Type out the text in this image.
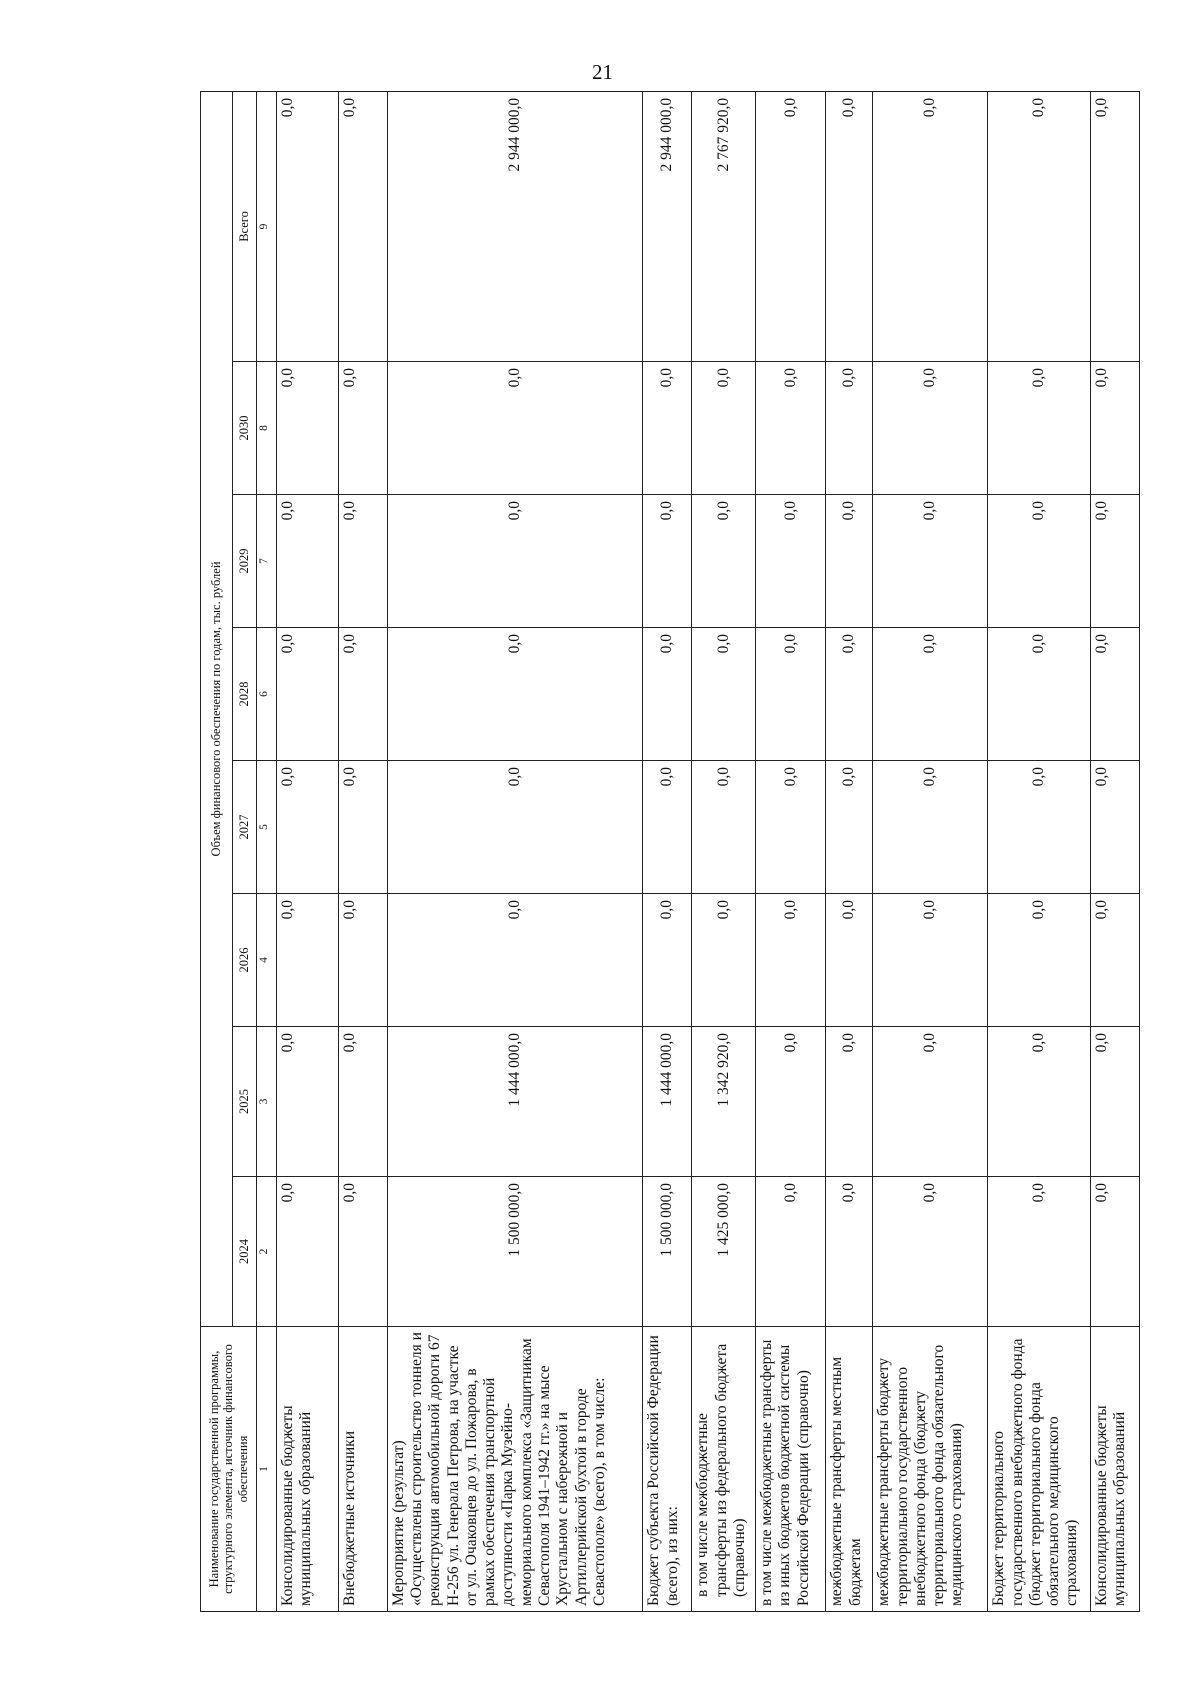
21
Наименование государственной программы, структурного элемента, источник финансового обеспечения	Объем финансового обеспечения по годам, тыс. рублей							
	2024	2025	2026	2027	2028	2029	2030	Всего
1	2	3	4	5	6	7	8	9
Консолидированные бюджеты муниципальных образований	0,0	0,0	0,0	0,0	0,0	0,0	0,0	0,0
Внебюджетные источники	0,0	0,0	0,0	0,0	0,0	0,0	0,0	0,0
Мероприятие (результат) «Осуществлены строительство тоннеля и реконструкция автомобильной дороги 67 Н-256 ул. Генерала Петрова, на участке от ул. Очаковцев до ул. Пожарова, в рамках обеспечения транспортной доступности «Парка Музейно-мемориального комплекса «Защитникам Севастополя 1941–1942 гг.» на мысе Хрустальном с набережной и Артиллерийской бухтой в городе Севастополе» (всего), в том числе:	1 500 000,0	1 444 000,0	0,0	0,0	0,0	0,0	0,0	2 944 000,0
Бюджет субъекта Российской Федерации (всего), из них:	1 500 000,0	1 444 000,0	0,0	0,0	0,0	0,0	0,0	2 944 000,0
в том числе межбюджетные трансферты из федерального бюджета (справочно)	1 425 000,0	1 342 920,0	0,0	0,0	0,0	0,0	0,0	2 767 920,0
в том числе межбюджетные трансферты из иных бюджетов бюджетной системы Российской Федерации (справочно)	0,0	0,0	0,0	0,0	0,0	0,0	0,0	0,0
межбюджетные трансферты местным бюджетам	0,0	0,0	0,0	0,0	0,0	0,0	0,0	0,0
межбюджетные трансферты бюджету территориального государственного внебюджетного фонда (бюджету территориального фонда обязательного медицинского страхования)	0,0	0,0	0,0	0,0	0,0	0,0	0,0	0,0
Бюджет территориального государственного внебюджетного фонда (бюджет территориального фонда обязательного медицинского страхования)	0,0	0,0	0,0	0,0	0,0	0,0	0,0	0,0
Консолидированные бюджеты муниципальных образований	0,0	0,0	0,0	0,0	0,0	0,0	0,0	0,0
